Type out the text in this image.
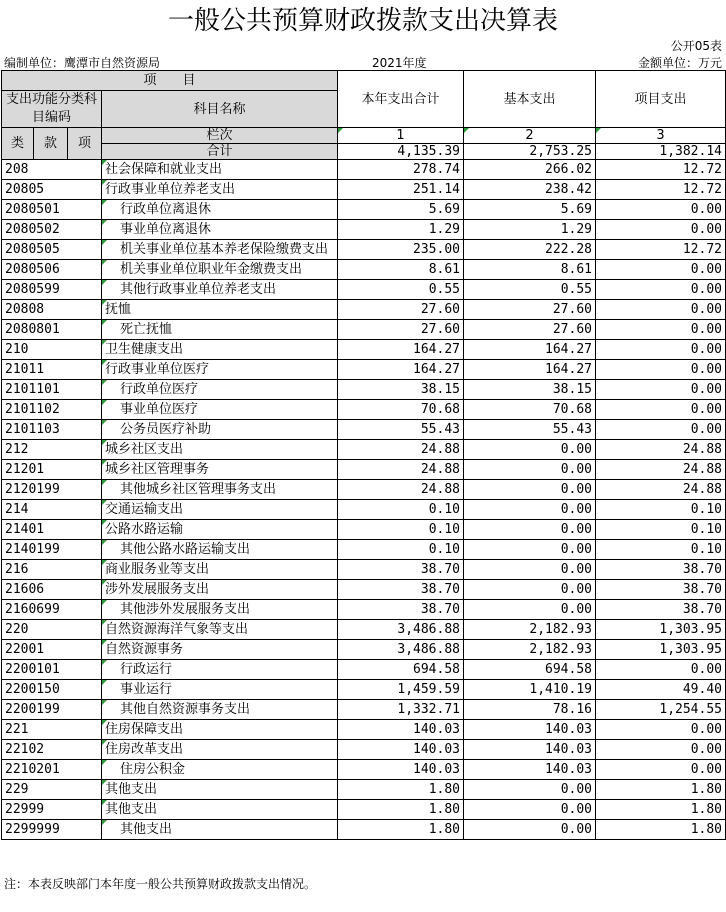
一般公共预算财政拨款支出决算表
公开05表
编制单位：鹰潭市自然资源局	2021年度	金额单位：万元
项　　目				本年支出合计	基本支出	项目支出
支出功能分类科目编码			科目名称			

类	款	项	栏次	1	2	3
			合计	4,135.39	2,753.25	1,382.14
208			社会保障和就业支出	278.74	266.02	12.72
20805			行政事业单位养老支出	251.14	238.42	12.72
2080501			行政单位离退休	5.69	5.69	0.00
2080502			事业单位离退休	1.29	1.29	0.00
2080505			机关事业单位基本养老保险缴费支出	235.00	222.28	12.72
2080506			机关事业单位职业年金缴费支出	8.61	8.61	0.00
2080599			其他行政事业单位养老支出	0.55	0.55	0.00
20808			抚恤	27.60	27.60	0.00
2080801			死亡抚恤	27.60	27.60	0.00
210			卫生健康支出	164.27	164.27	0.00
21011			行政事业单位医疗	164.27	164.27	0.00
2101101			行政单位医疗	38.15	38.15	0.00
2101102			事业单位医疗	70.68	70.68	0.00
2101103			公务员医疗补助	55.43	55.43	0.00
212			城乡社区支出	24.88	0.00	24.88
21201			城乡社区管理事务	24.88	0.00	24.88
2120199			其他城乡社区管理事务支出	24.88	0.00	24.88
214			交通运输支出	0.10	0.00	0.10
21401			公路水路运输	0.10	0.00	0.10
2140199			其他公路水路运输支出	0.10	0.00	0.10
216			商业服务业等支出	38.70	0.00	38.70
21606			涉外发展服务支出	38.70	0.00	38.70
2160699			其他涉外发展服务支出	38.70	0.00	38.70
220			自然资源海洋气象等支出	3,486.88	2,182.93	1,303.95
22001			自然资源事务	3,486.88	2,182.93	1,303.95
2200101			行政运行	694.58	694.58	0.00
2200150			事业运行	1,459.59	1,410.19	49.40
2200199			其他自然资源事务支出	1,332.71	78.16	1,254.55
221			住房保障支出	140.03	140.03	0.00
22102			住房改革支出	140.03	140.03	0.00
2210201			住房公积金	140.03	140.03	0.00
229			其他支出	1.80	0.00	1.80
22999			其他支出	1.80	0.00	1.80
2299999			其他支出	1.80	0.00	1.80
注：本表反映部门本年度一般公共预算财政拨款支出情况。
